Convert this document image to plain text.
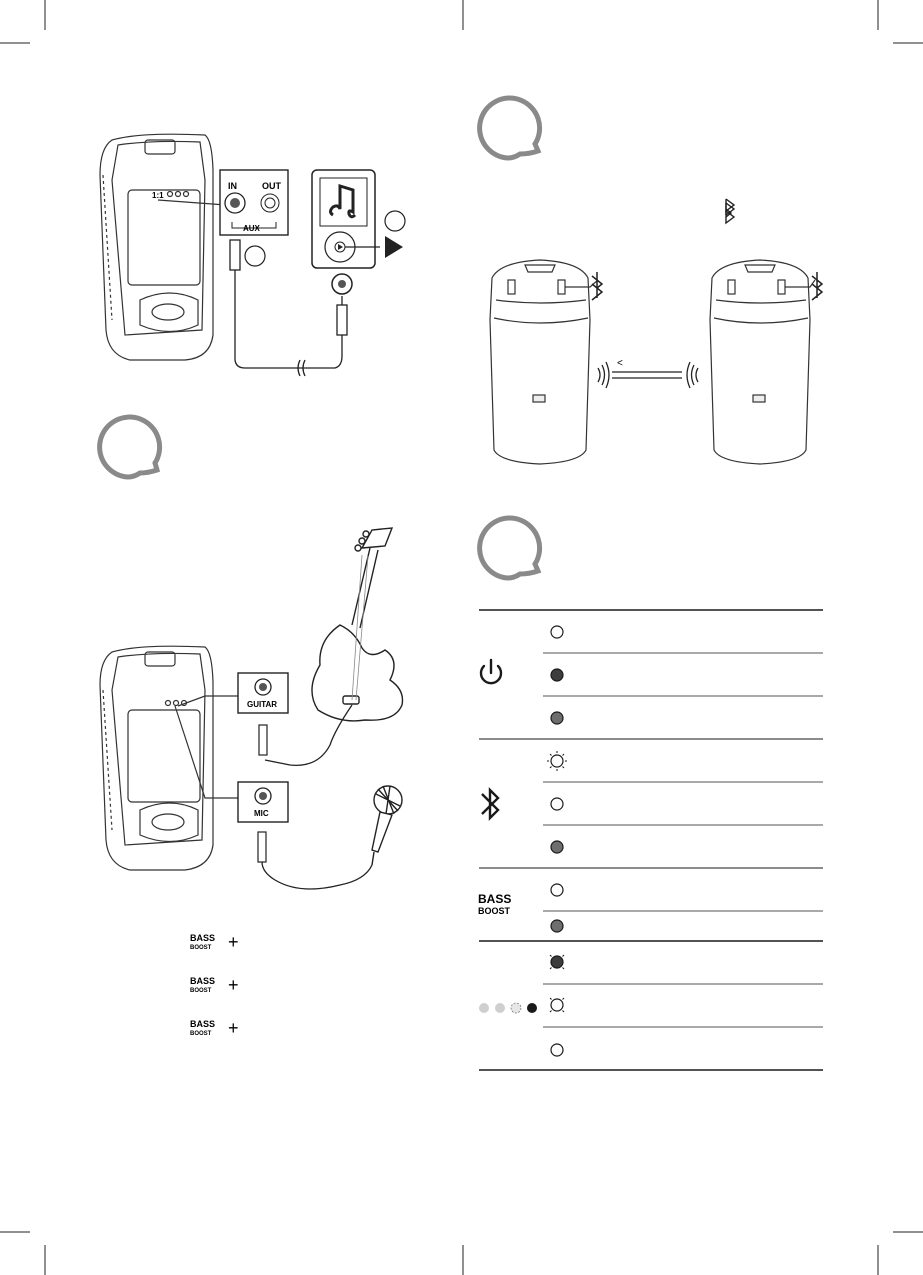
1:1
IN	OUT
AUX
GUITAR
MIC
BASS
BOOST +
BASS
BOOST +
BASS
BOOST +
<
BASS
BOOST
